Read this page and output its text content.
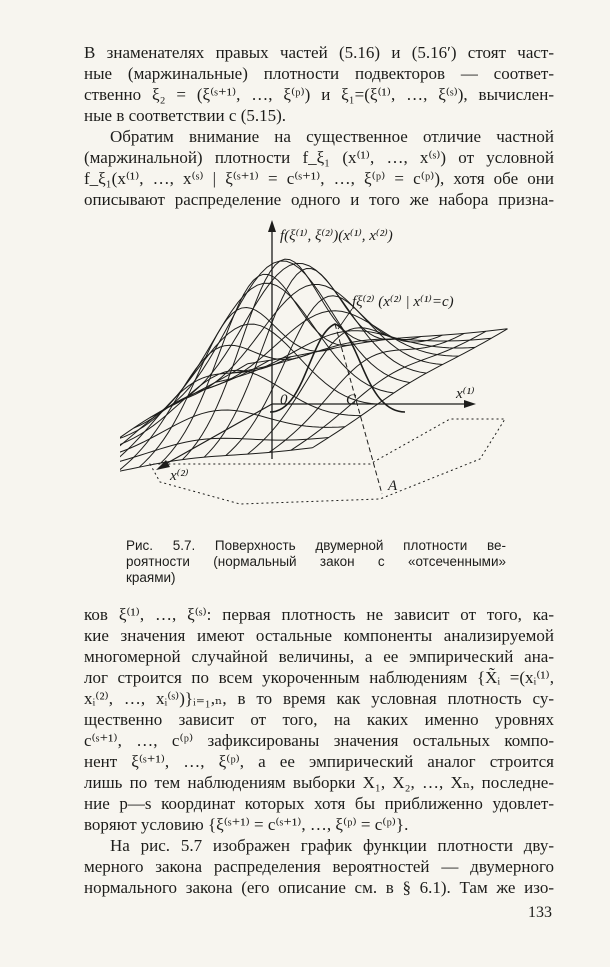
В знаменателях правых частей (5.16) и (5.16′) стоят част-
ные (маржинальные) плотности подвекторов — соответ-
ственно ξ₂ = (ξ⁽ˢ⁺¹⁾, …, ξ⁽ᵖ⁾) и ξ₁=(ξ⁽¹⁾, …, ξ⁽ˢ⁾), вычислен-
ные в соответствии с (5.15).
Обратим внимание на существенное отличие частной
(маржинальной) плотности f_ξ₁ (x⁽¹⁾, …, x⁽ˢ⁾) от условной
f_ξ₁(x⁽¹⁾, …, x⁽ˢ⁾ | ξ⁽ˢ⁺¹⁾ = c⁽ˢ⁺¹⁾, …, ξ⁽ᵖ⁾ = c⁽ᵖ⁾), хотя обе они
описывают распределение одного и того же набора призна-
f(ξ⁽¹⁾, ξ⁽²⁾)(x⁽¹⁾, x⁽²⁾)
fξ⁽²⁾ (x⁽²⁾ | x⁽¹⁾=c)
x⁽¹⁾
x⁽²⁾
0	C
A
Рис. 5.7. Поверхность двумерной плотности ве-
роятности (нормальный закон с «отсеченными»
краями)
ков ξ⁽¹⁾, …, ξ⁽ˢ⁾: первая плотность не зависит от того, ка-
кие значения имеют остальные компоненты анализируемой
многомерной случайной величины, а ее эмпирический ана-
лог строится по всем укороченным наблюдениям {X̃ᵢ =(xᵢ⁽¹⁾,
xᵢ⁽²⁾, …, xᵢ⁽ˢ⁾)}ᵢ₌₁,ₙ, в то время как условная плотность су-
щественно зависит от того, на каких именно уровнях
c⁽ˢ⁺¹⁾, …, c⁽ᵖ⁾ зафиксированы значения остальных компо-
нент ξ⁽ˢ⁺¹⁾, …, ξ⁽ᵖ⁾, а ее эмпирический аналог строится
лишь по тем наблюдениям выборки X₁, X₂, …, Xₙ, последне-
ние p—s координат которых хотя бы приближенно удовлет-
воряют условию {ξ⁽ˢ⁺¹⁾ = c⁽ˢ⁺¹⁾, …, ξ⁽ᵖ⁾ = c⁽ᵖ⁾}.
На рис. 5.7 изображен график функции плотности дву-
мерного закона распределения вероятностей — двумерного
нормального закона (его описание см. в § 6.1). Там же изо-
133
